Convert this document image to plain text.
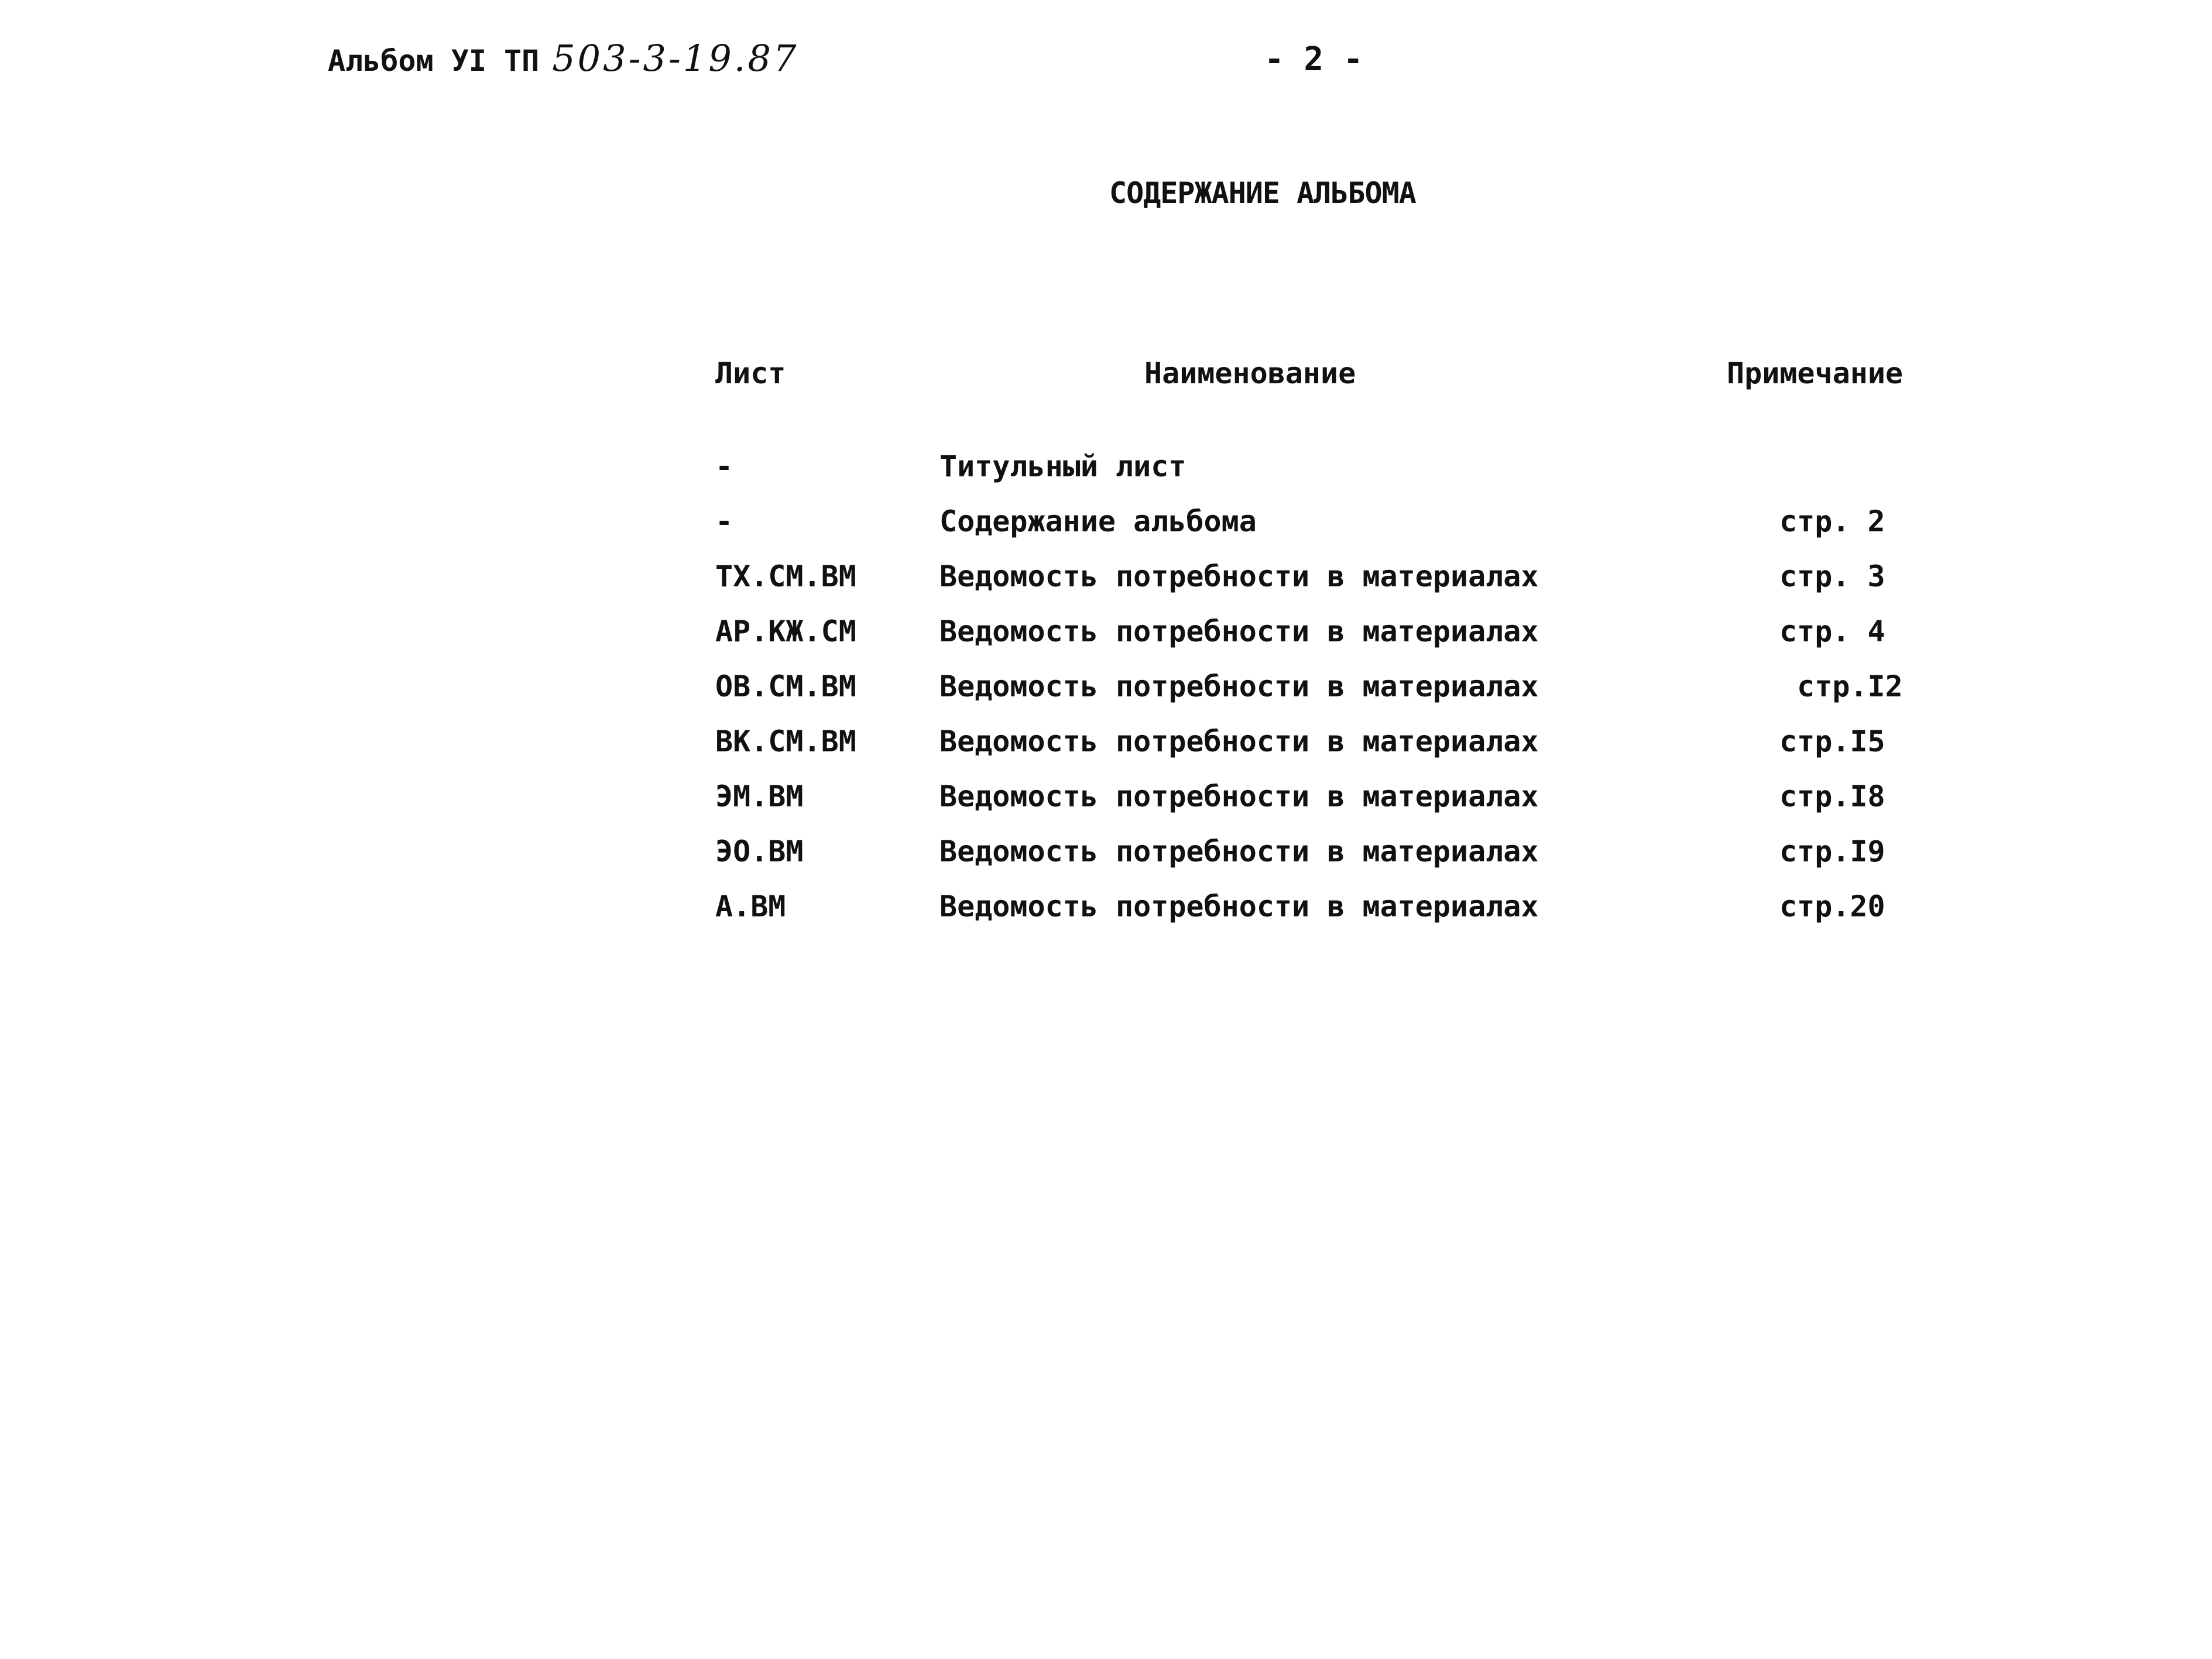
Альбом УI ТП 503-3-19.87	- 2 -
СОДЕРЖАНИЕ АЛЬБОМА
Лист	Наименование	Примечание
-	Титульный лист
-	Содержание альбома	стр. 2
ТХ.СМ.ВМ	Ведомость потребности в материалах	стр. 3
АР.КЖ.СМ	Ведомость потребности в материалах	стр. 4
ОВ.СМ.ВМ	Ведомость потребности в материалах	стр.I2
ВК.СМ.ВМ	Ведомость потребности в материалах	стр.I5
ЭМ.ВМ	Ведомость потребности в материалах	стр.I8
ЭО.ВМ	Ведомость потребности в материалах	стр.I9
А.ВМ	Ведомость потребности в материалах	стр.20
